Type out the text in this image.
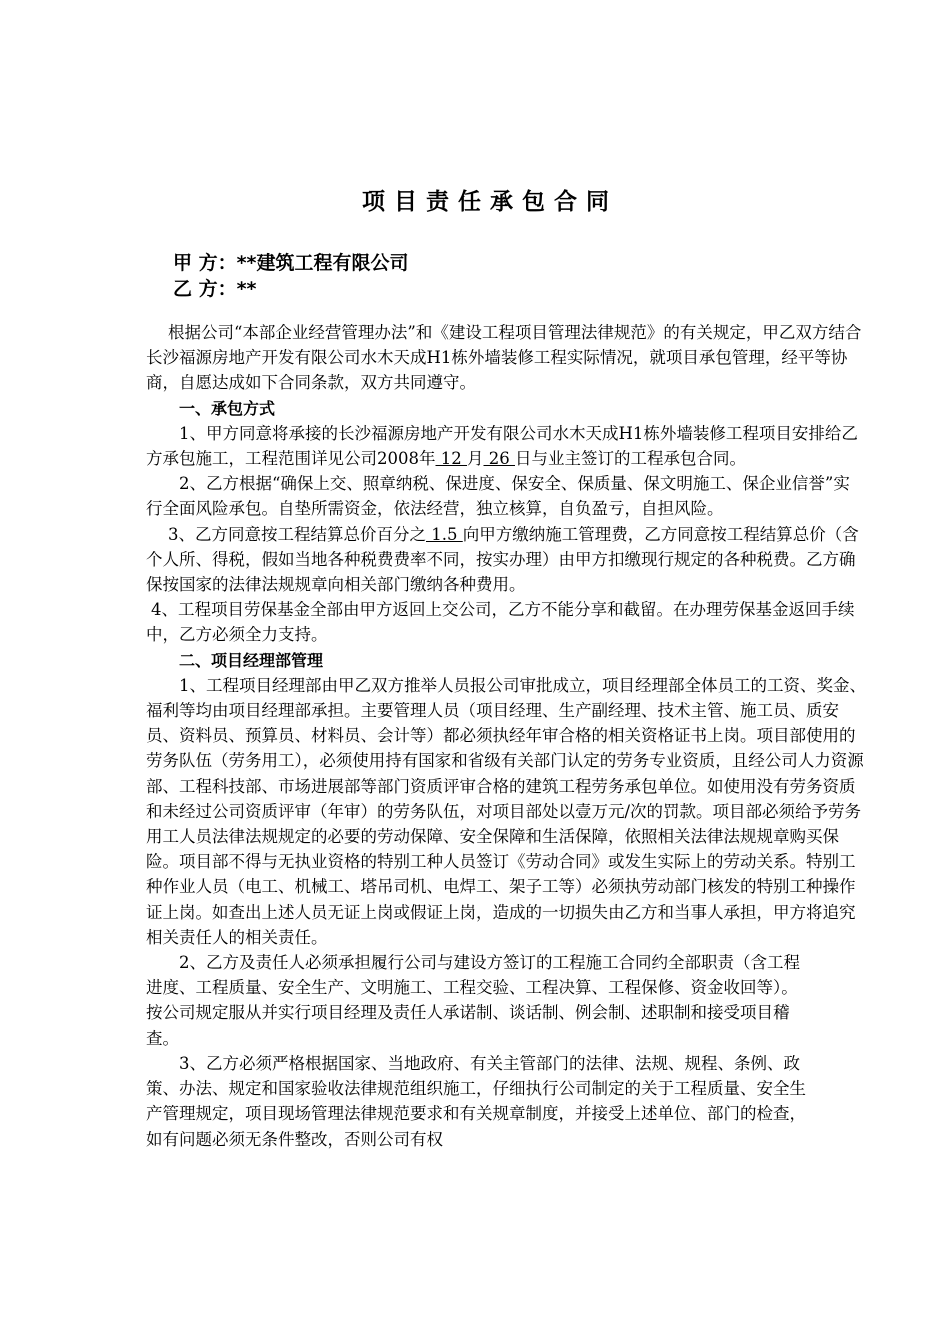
项目责任承包合同
甲 方：**建筑工程有限公司
乙 方：**

根据公司“本部企业经营管理办法”和《建设工程项目管理法律规范》的有关规定，甲乙双方结合长沙福源房地产开发有限公司水木天成H1栋外墙装修工程实际情况，就项目承包管理，经平等协商，自愿达成如下合同条款，双方共同遵守。

一、承包方式

1、甲方同意将承接的长沙福源房地产开发有限公司水木天成H1栋外墙装修工程项目安排给乙方承包施工，工程范围详见公司2008年 12 月 26 日与业主签订的工程承包合同。

2、乙方根据“确保上交、照章纳税、保进度、保安全、保质量、保文明施工、保企业信誉”实行全面风险承包。自垫所需资金，依法经营，独立核算，自负盈亏，自担风险。

3、乙方同意按工程结算总价百分之 1.5 向甲方缴纳施工管理费，乙方同意按工程结算总价（含个人所、得税，假如当地各种税费费率不同，按实办理）由甲方扣缴现行规定的各种税费。乙方确保按国家的法律法规规章向相关部门缴纳各种费用。

4、工程项目劳保基金全部由甲方返回上交公司，乙方不能分享和截留。在办理劳保基金返回手续中，乙方必须全力支持。

二、项目经理部管理

1、工程项目经理部由甲乙双方推举人员报公司审批成立，项目经理部全体员工的工资、奖金、福利等均由项目经理部承担。主要管理人员（项目经理、生产副经理、技术主管、施工员、质安员、资料员、预算员、材料员、会计等）都必须执经年审合格的相关资格证书上岗。项目部使用的劳务队伍（劳务用工），必须使用持有国家和省级有关部门认定的劳务专业资质，且经公司人力资源部、工程科技部、市场进展部等部门资质评审合格的建筑工程劳务承包单位。如使用没有劳务资质和未经过公司资质评审（年审）的劳务队伍，对项目部处以壹万元/次的罚款。项目部必须给予劳务用工人员法律法规规定的必要的劳动保障、安全保障和生活保障，依照相关法律法规规章购买保险。项目部不得与无执业资格的特别工种人员签订《劳动合同》或发生实际上的劳动关系。特别工种作业人员（电工、机械工、塔吊司机、电焊工、架子工等）必须执劳动部门核发的特别工种操作证上岗。如查出上述人员无证上岗或假证上岗，造成的一切损失由乙方和当事人承担，甲方将追究相关责任人的相关责任。

2、乙方及责任人必须承担履行公司与建设方签订的工程施工合同约全部职责（含工程进度、工程质量、安全生产、文明施工、工程交验、工程决算、工程保修、资金收回等）。按公司规定服从并实行项目经理及责任人承诺制、谈话制、例会制、述职制和接受项目稽查。

3、乙方必须严格根据国家、当地政府、有关主管部门的法律、法规、规程、条例、政策、办法、规定和国家验收法律规范组织施工，仔细执行公司制定的关于工程质量、安全生产管理规定，项目现场管理法律规范要求和有关规章制度，并接受上述单位、部门的检查，如有问题必须无条件整改，否则公司有权
